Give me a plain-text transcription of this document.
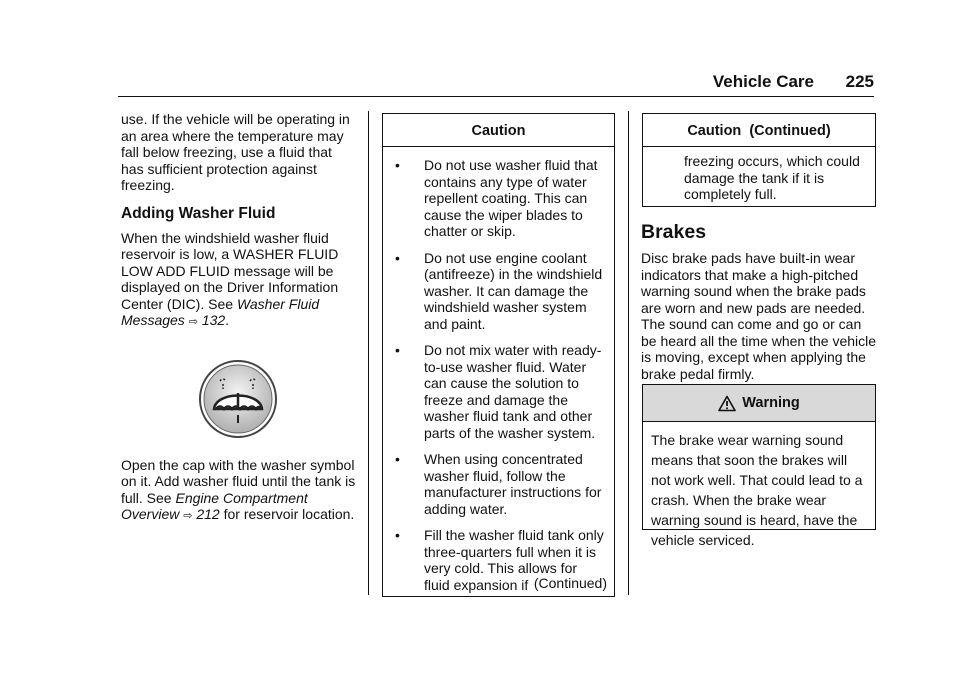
Vehicle Care 225

use. If the vehicle will be operating in an area where the temperature may fall below freezing, use a fluid that has sufficient protection against freezing.

Adding Washer Fluid

When the windshield washer fluid reservoir is low, a WASHER FLUID LOW ADD FLUID message will be displayed on the Driver Information Center (DIC). See Washer Fluid Messages ⇨ 132.

Open the cap with the washer symbol on it. Add washer fluid until the tank is full. See Engine Compartment Overview ⇨ 212 for reservoir location.

Caution
• Do not use washer fluid that contains any type of water repellent coating. This can cause the wiper blades to chatter or skip.
• Do not use engine coolant (antifreeze) in the windshield washer. It can damage the windshield washer system and paint.
• Do not mix water with ready-to-use washer fluid. Water can cause the solution to freeze and damage the washer fluid tank and other parts of the washer system.
• When using concentrated washer fluid, follow the manufacturer instructions for adding water.
• Fill the washer fluid tank only three-quarters full when it is very cold. This allows for fluid expansion if (Continued)
Caution  (Continued)

freezing occurs, which could damage the tank if it is completely full.

Brakes

Disc brake pads have built-in wear indicators that make a high-pitched warning sound when the brake pads are worn and new pads are needed. The sound can come and go or can be heard all the time when the vehicle is moving, except when applying the brake pedal firmly.

Warning
The brake wear warning sound means that soon the brakes will not work well. That could lead to a crash. When the brake wear warning sound is heard, have the vehicle serviced.
